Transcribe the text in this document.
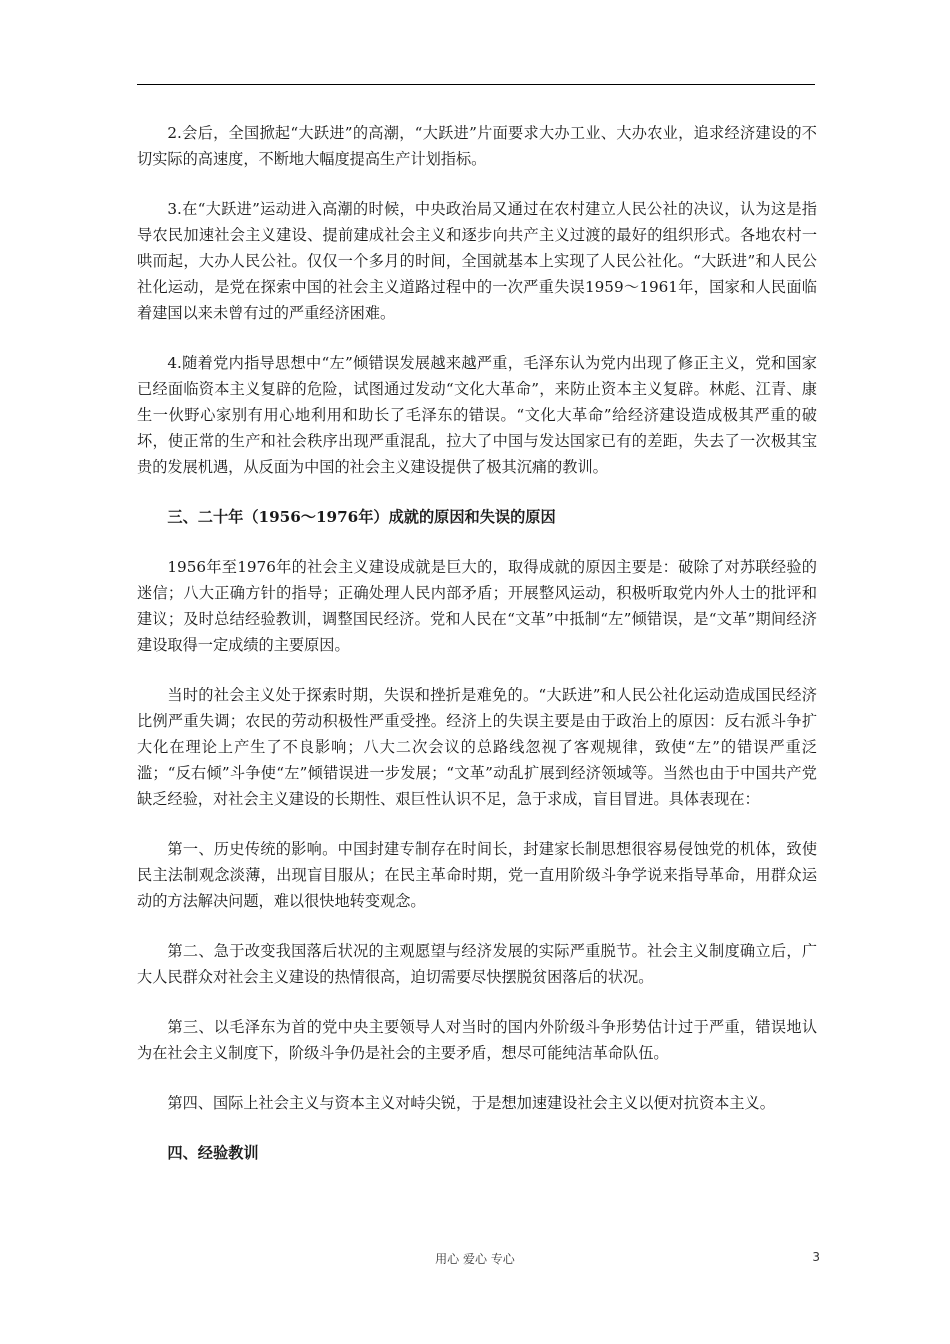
2.会后，全国掀起“大跃进”的高潮，“大跃进”片面要求大办工业、大办农业，追求经济建设的不切实际的高速度，不断地大幅度提高生产计划指标。

3.在“大跃进”运动进入高潮的时候，中央政治局又通过在农村建立人民公社的决议，认为这是指导农民加速社会主义建设、提前建成社会主义和逐步向共产主义过渡的最好的组织形式。各地农村一哄而起，大办人民公社。仅仅一个多月的时间，全国就基本上实现了人民公社化。“大跃进”和人民公社化运动，是党在探索中国的社会主义道路过程中的一次严重失误1959～1961年，国家和人民面临着建国以来未曾有过的严重经济困难。

4.随着党内指导思想中“左”倾错误发展越来越严重，毛泽东认为党内出现了修正主义，党和国家已经面临资本主义复辟的危险，试图通过发动“文化大革命”，来防止资本主义复辟。林彪、江青、康生一伙野心家别有用心地利用和助长了毛泽东的错误。“文化大革命”给经济建设造成极其严重的破坏，使正常的生产和社会秩序出现严重混乱，拉大了中国与发达国家已有的差距，失去了一次极其宝贵的发展机遇，从反面为中国的社会主义建设提供了极其沉痛的教训。

三、二十年（1956～1976年）成就的原因和失误的原因

1956年至1976年的社会主义建设成就是巨大的，取得成就的原因主要是：破除了对苏联经验的迷信；八大正确方针的指导；正确处理人民内部矛盾；开展整风运动，积极听取党内外人士的批评和建议；及时总结经验教训，调整国民经济。党和人民在“文革”中抵制“左”倾错误，是“文革”期间经济建设取得一定成绩的主要原因。

当时的社会主义处于探索时期，失误和挫折是难免的。“大跃进”和人民公社化运动造成国民经济比例严重失调；农民的劳动积极性严重受挫。经济上的失误主要是由于政治上的原因：反右派斗争扩大化在理论上产生了不良影响；八大二次会议的总路线忽视了客观规律，致使“左”的错误严重泛滥；“反右倾”斗争使“左”倾错误进一步发展；“文革”动乱扩展到经济领域等。当然也由于中国共产党缺乏经验，对社会主义建设的长期性、艰巨性认识不足，急于求成，盲目冒进。具体表现在：

第一、历史传统的影响。中国封建专制存在时间长，封建家长制思想很容易侵蚀党的机体，致使民主法制观念淡薄，出现盲目服从；在民主革命时期，党一直用阶级斗争学说来指导革命，用群众运动的方法解决问题，难以很快地转变观念。

第二、急于改变我国落后状况的主观愿望与经济发展的实际严重脱节。社会主义制度确立后，广大人民群众对社会主义建设的热情很高，迫切需要尽快摆脱贫困落后的状况。

第三、以毛泽东为首的党中央主要领导人对当时的国内外阶级斗争形势估计过于严重，错误地认为在社会主义制度下，阶级斗争仍是社会的主要矛盾，想尽可能纯洁革命队伍。

第四、国际上社会主义与资本主义对峙尖锐，于是想加速建设社会主义以便对抗资本主义。

四、经验教训

用心 爱心 专心	3
